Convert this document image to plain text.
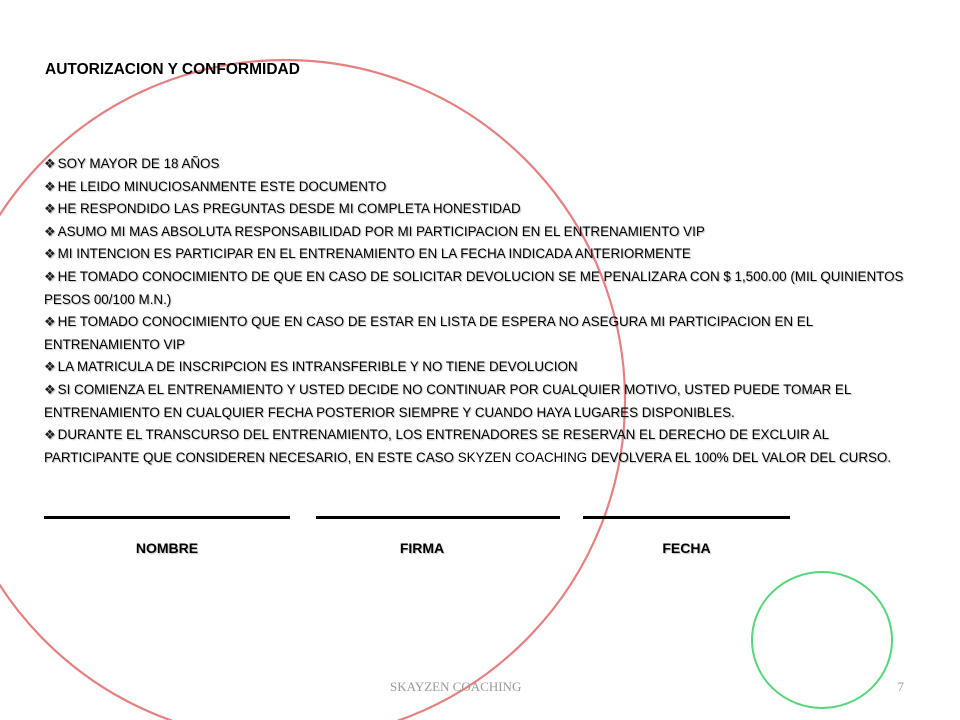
AUTORIZACION Y CONFORMIDAD
❖ SOY MAYOR DE 18 AÑOS
❖ HE LEIDO MINUCIOSANMENTE ESTE DOCUMENTO
❖ HE RESPONDIDO LAS PREGUNTAS DESDE MI COMPLETA HONESTIDAD
❖ ASUMO MI MAS ABSOLUTA RESPONSABILIDAD POR MI PARTICIPACION EN EL ENTRENAMIENTO VIP
❖ MI INTENCION ES PARTICIPAR EN EL ENTRENAMIENTO EN LA FECHA INDICADA ANTERIORMENTE
❖ HE TOMADO CONOCIMIENTO DE QUE EN CASO DE SOLICITAR DEVOLUCION SE ME PENALIZARA CON $ 1,500.00 (MIL QUINIENTOS PESOS 00/100 M.N.)
❖ HE TOMADO CONOCIMIENTO QUE EN CASO DE ESTAR EN LISTA DE ESPERA NO ASEGURA MI PARTICIPACION EN EL ENTRENAMIENTO VIP
❖ LA MATRICULA DE INSCRIPCION ES INTRANSFERIBLE Y NO TIENE DEVOLUCION
❖ SI COMIENZA EL ENTRENAMIENTO Y USTED DECIDE NO CONTINUAR POR CUALQUIER MOTIVO, USTED PUEDE TOMAR EL ENTRENAMIENTO EN CUALQUIER FECHA POSTERIOR SIEMPRE Y CUANDO HAYA LUGARES DISPONIBLES.
❖ DURANTE EL TRANSCURSO DEL ENTRENAMIENTO, LOS ENTRENADORES SE RESERVAN EL DERECHO DE EXCLUIR AL PARTICIPANTE QUE CONSIDEREN NECESARIO, EN ESTE CASO SKYZEN COACHING DEVOLVERA EL 100% DEL VALOR DEL CURSO.
NOMBRE	FIRMA	FECHA
SKAYZEN COACHING	7
